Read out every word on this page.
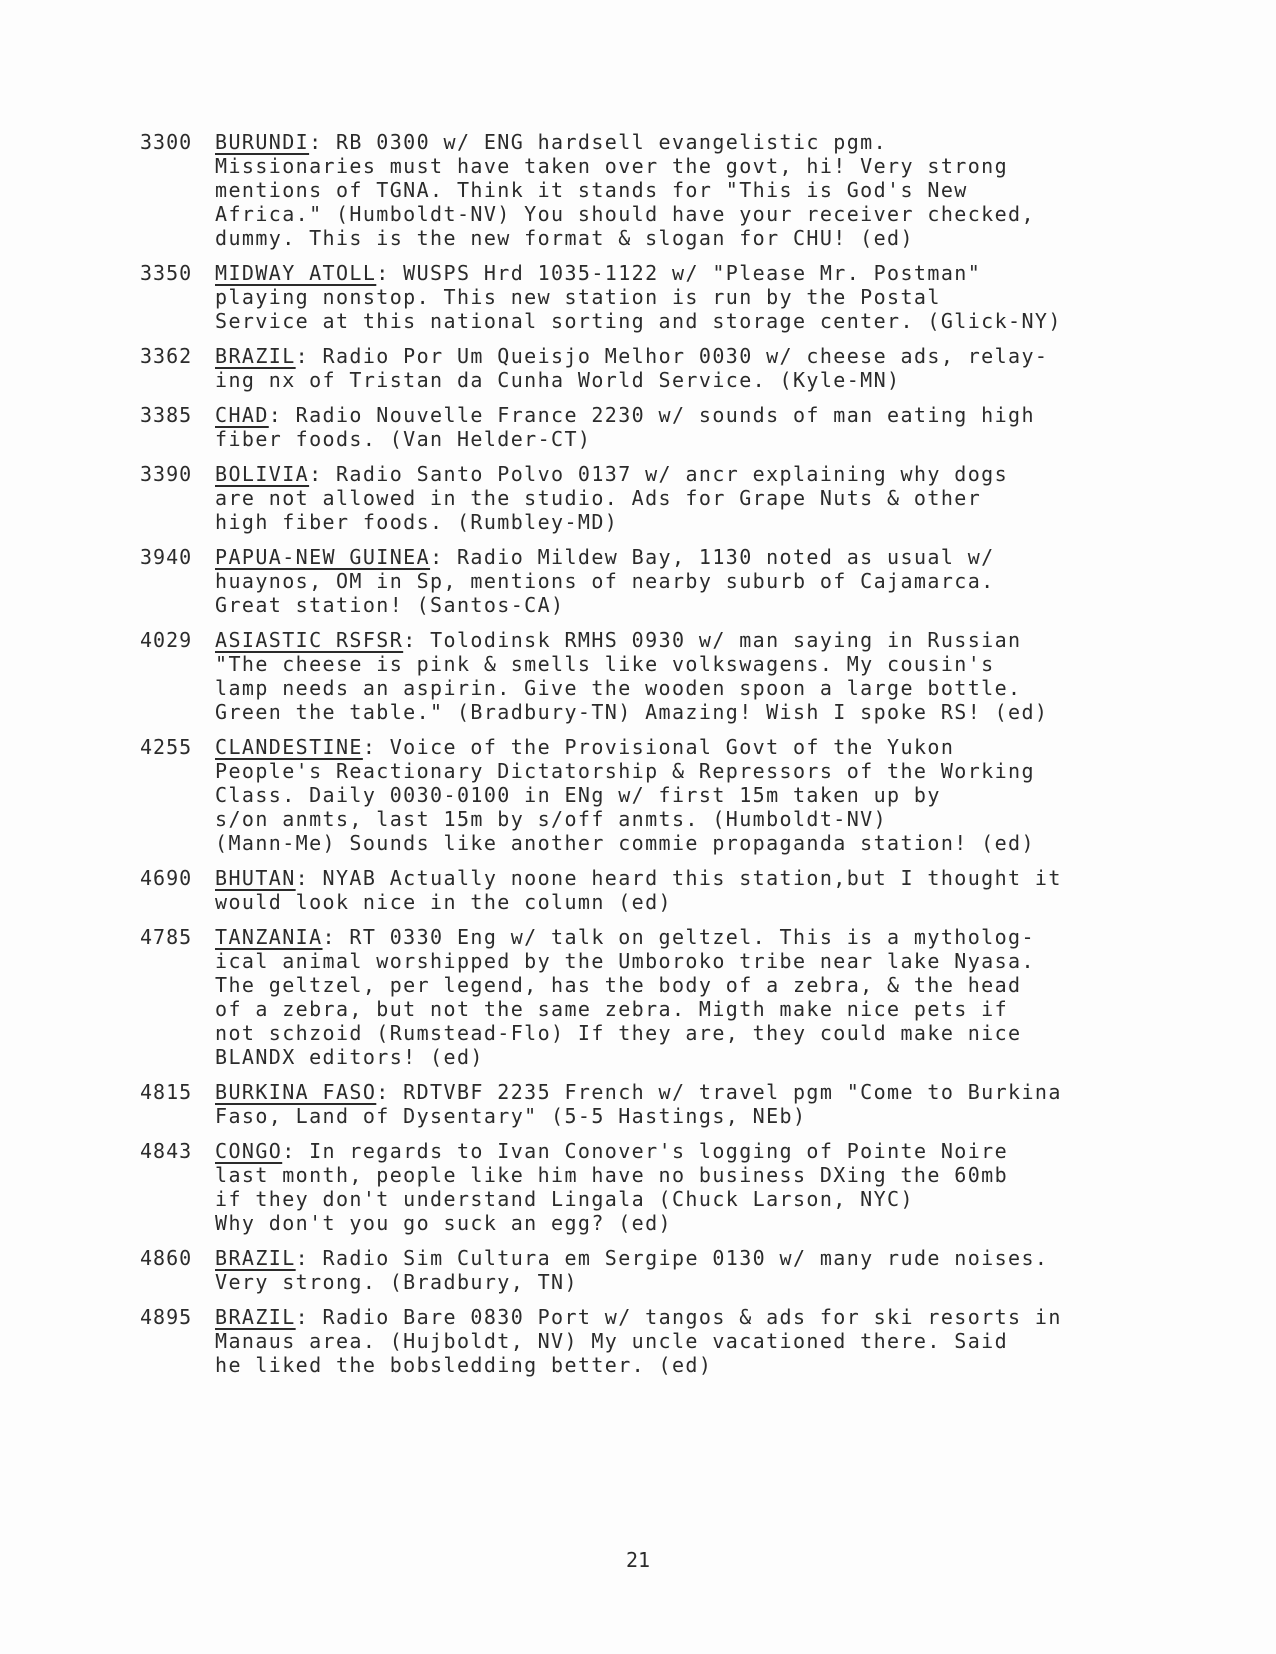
3300	BURUNDI: RB 0300 w/ ENG hardsell evangelistic pgm.
Missionaries must have taken over the govt, hi! Very strong
mentions of TGNA. Think it stands for "This is God's New
Africa." (Humboldt-NV) You should have your receiver checked,
dummy. This is the new format & slogan for CHU! (ed)
3350	MIDWAY ATOLL: WUSPS Hrd 1035-1122 w/ "Please Mr. Postman"
playing nonstop. This new station is run by the Postal
Service at this national sorting and storage center. (Glick-NY)
3362	BRAZIL: Radio Por Um Queisjo Melhor 0030 w/ cheese ads, relay-
ing nx of Tristan da Cunha World Service. (Kyle-MN)
3385	CHAD: Radio Nouvelle France 2230 w/ sounds of man eating high
fiber foods. (Van Helder-CT)
3390	BOLIVIA: Radio Santo Polvo 0137 w/ ancr explaining why dogs
are not allowed in the studio. Ads for Grape Nuts & other
high fiber foods. (Rumbley-MD)
3940	PAPUA-NEW GUINEA: Radio Mildew Bay, 1130 noted as usual w/
huaynos, OM in Sp, mentions of nearby suburb of Cajamarca.
Great station! (Santos-CA)
4029	ASIASTIC RSFSR: Tolodinsk RMHS 0930 w/ man saying in Russian
"The cheese is pink & smells like volkswagens. My cousin's
lamp needs an aspirin. Give the wooden spoon a large bottle.
Green the table." (Bradbury-TN) Amazing! Wish I spoke RS! (ed)
4255	CLANDESTINE: Voice of the Provisional Govt of the Yukon
People's Reactionary Dictatorship & Repressors of the Working
Class. Daily 0030-0100 in ENg w/ first 15m taken up by
s/on anmts, last 15m by s/off anmts. (Humboldt-NV)
(Mann-Me) Sounds like another commie propaganda station! (ed)
4690	BHUTAN: NYAB Actually noone heard this station,but I thought it
would look nice in the column (ed)
4785	TANZANIA: RT 0330 Eng w/ talk on geltzel. This is a mytholog-
ical animal worshipped by the Umboroko tribe near lake Nyasa.
The geltzel, per legend, has the body of a zebra, & the head
of a zebra, but not the same zebra. Migth make nice pets if
not schzoid (Rumstead-Flo) If they are, they could make nice
BLANDX editors! (ed)
4815	BURKINA FASO: RDTVBF 2235 French w/ travel pgm "Come to Burkina
Faso, Land of Dysentary" (5-5 Hastings, NEb)
4843	CONGO: In regards to Ivan Conover's logging of Pointe Noire
last month, people like him have no business DXing the 60mb
if they don't understand Lingala (Chuck Larson, NYC)
Why don't you go suck an egg? (ed)
4860	BRAZIL: Radio Sim Cultura em Sergipe 0130 w/ many rude noises.
Very strong. (Bradbury, TN)
4895	BRAZIL: Radio Bare 0830 Port w/ tangos & ads for ski resorts in
Manaus area. (Hujboldt, NV) My uncle vacationed there. Said
he liked the bobsledding better. (ed)
21
